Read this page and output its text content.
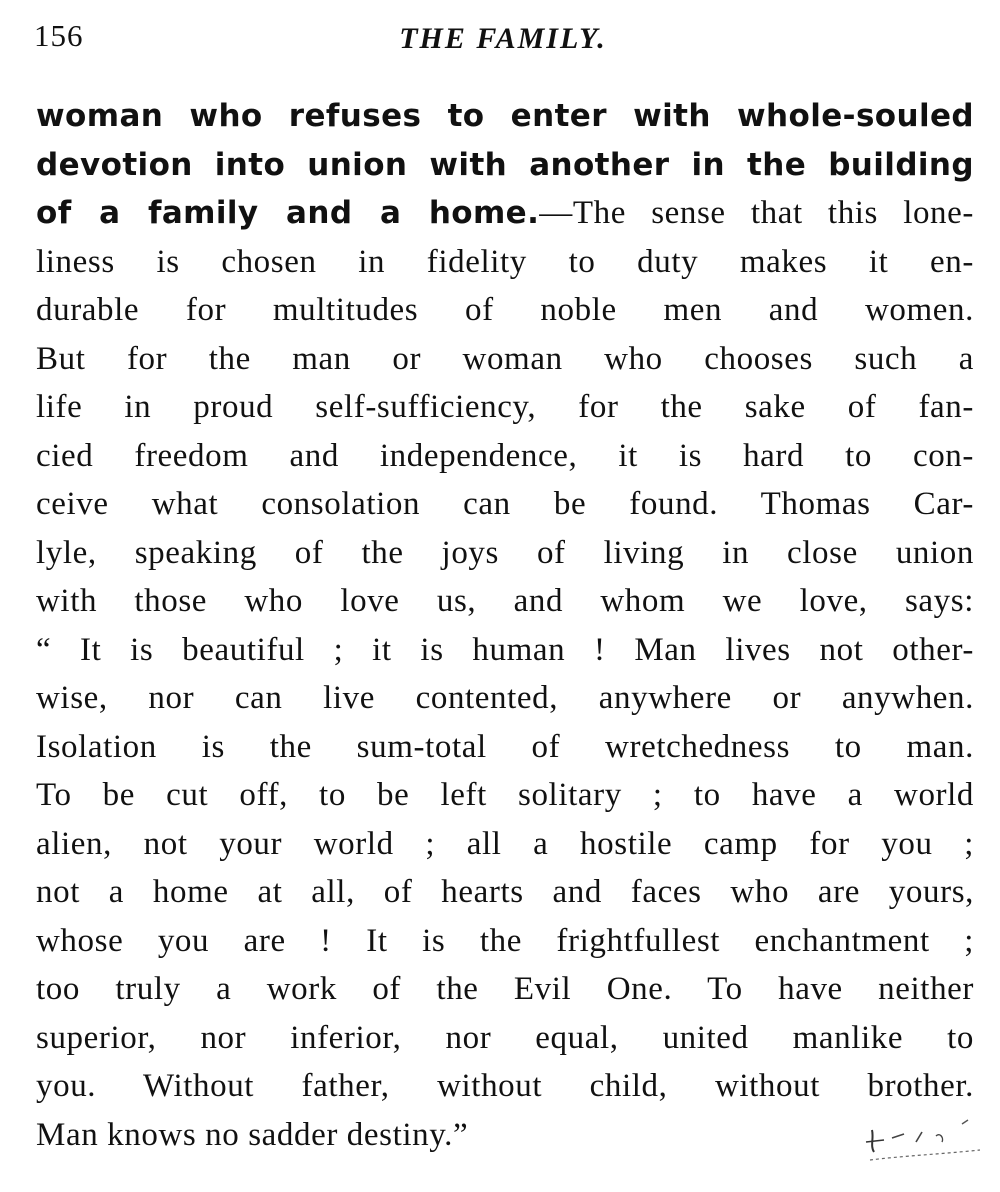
156	THE FAMILY.
woman who refuses to enter with whole-souled
devotion into union with another in the building
of a family and a home.—The sense that this lone-
liness is chosen in fidelity to duty makes it en-
durable for multitudes of noble men and women.
But for the man or woman who chooses such a
life in proud self-sufficiency, for the sake of fan-
cied freedom and independence, it is hard to con-
ceive what consolation can be found. Thomas Car-
lyle, speaking of the joys of living in close union
with those who love us, and whom we love, says:
“ It is beautiful ; it is human ! Man lives not other-
wise, nor can live contented, anywhere or anywhen.
Isolation is the sum-total of wretchedness to man.
To be cut off, to be left solitary ; to have a world
alien, not your world ; all a hostile camp for you ;
not a home at all, of hearts and faces who are yours,
whose you are ! It is the frightfullest enchantment ;
too truly a work of the Evil One. To have neither
superior, nor inferior, nor equal, united manlike to
you. Without father, without child, without brother.
Man knows no sadder destiny.”
